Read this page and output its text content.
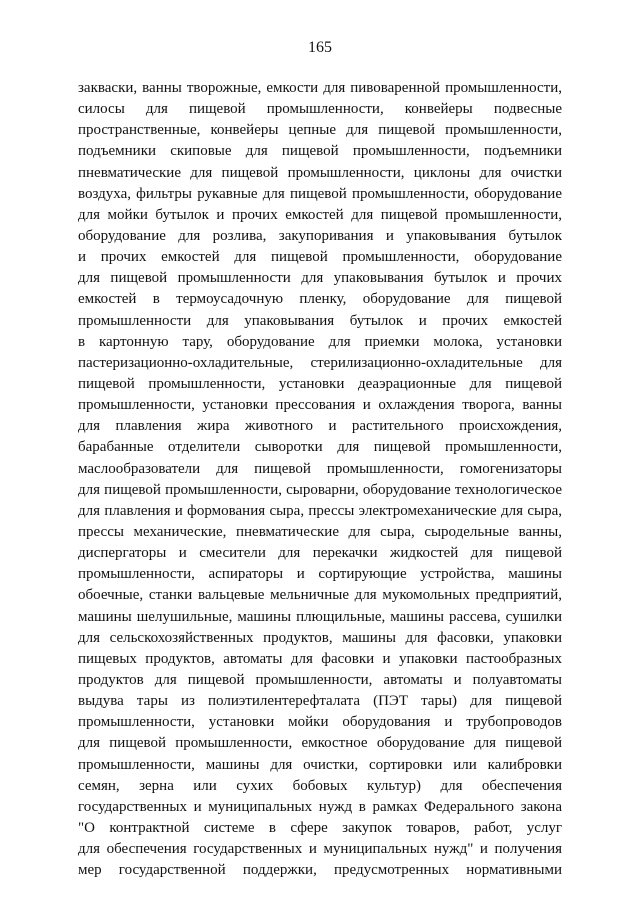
165
закваски, ванны творожные, емкости для пивоваренной промышленности,
силосы для пищевой промышленности, конвейеры подвесные
пространственные, конвейеры цепные для пищевой промышленности,
подъемники скиповые для пищевой промышленности, подъемники
пневматические для пищевой промышленности, циклоны для очистки
воздуха, фильтры рукавные для пищевой промышленности, оборудование
для мойки бутылок и прочих емкостей для пищевой промышленности,
оборудование для розлива, закупоривания и упаковывания бутылок
и прочих емкостей для пищевой промышленности, оборудование
для пищевой промышленности для упаковывания бутылок и прочих
емкостей в термоусадочную пленку, оборудование для пищевой
промышленности для упаковывания бутылок и прочих емкостей
в картонную тару, оборудование для приемки молока, установки
пастеризационно-охладительные, стерилизационно-охладительные для
пищевой промышленности, установки деаэрационные для пищевой
промышленности, установки прессования и охлаждения творога, ванны
для плавления жира животного и растительного происхождения,
барабанные отделители сыворотки для пищевой промышленности,
маслообразователи для пищевой промышленности, гомогенизаторы
для пищевой промышленности, сыроварни, оборудование технологическое
для плавления и формования сыра, прессы электромеханические для сыра,
прессы механические, пневматические для сыра, сыродельные ванны,
диспергаторы и смесители для перекачки жидкостей для пищевой
промышленности, аспираторы и сортирующие устройства, машины
обоечные, станки вальцевые мельничные для мукомольных предприятий,
машины шелушильные, машины плющильные, машины рассева, сушилки
для сельскохозяйственных продуктов, машины для фасовки, упаковки
пищевых продуктов, автоматы для фасовки и упаковки пастообразных
продуктов для пищевой промышленности, автоматы и полуавтоматы
выдува тары из полиэтилентерефталата (ПЭТ тары) для пищевой
промышленности, установки мойки оборудования и трубопроводов
для пищевой промышленности, емкостное оборудование для пищевой
промышленности, машины для очистки, сортировки или калибровки
семян, зерна или сухих бобовых культур) для обеспечения
государственных и муниципальных нужд в рамках Федерального закона
"О контрактной системе в сфере закупок товаров, работ, услуг
для обеспечения государственных и муниципальных нужд" и получения
мер государственной поддержки, предусмотренных нормативными
